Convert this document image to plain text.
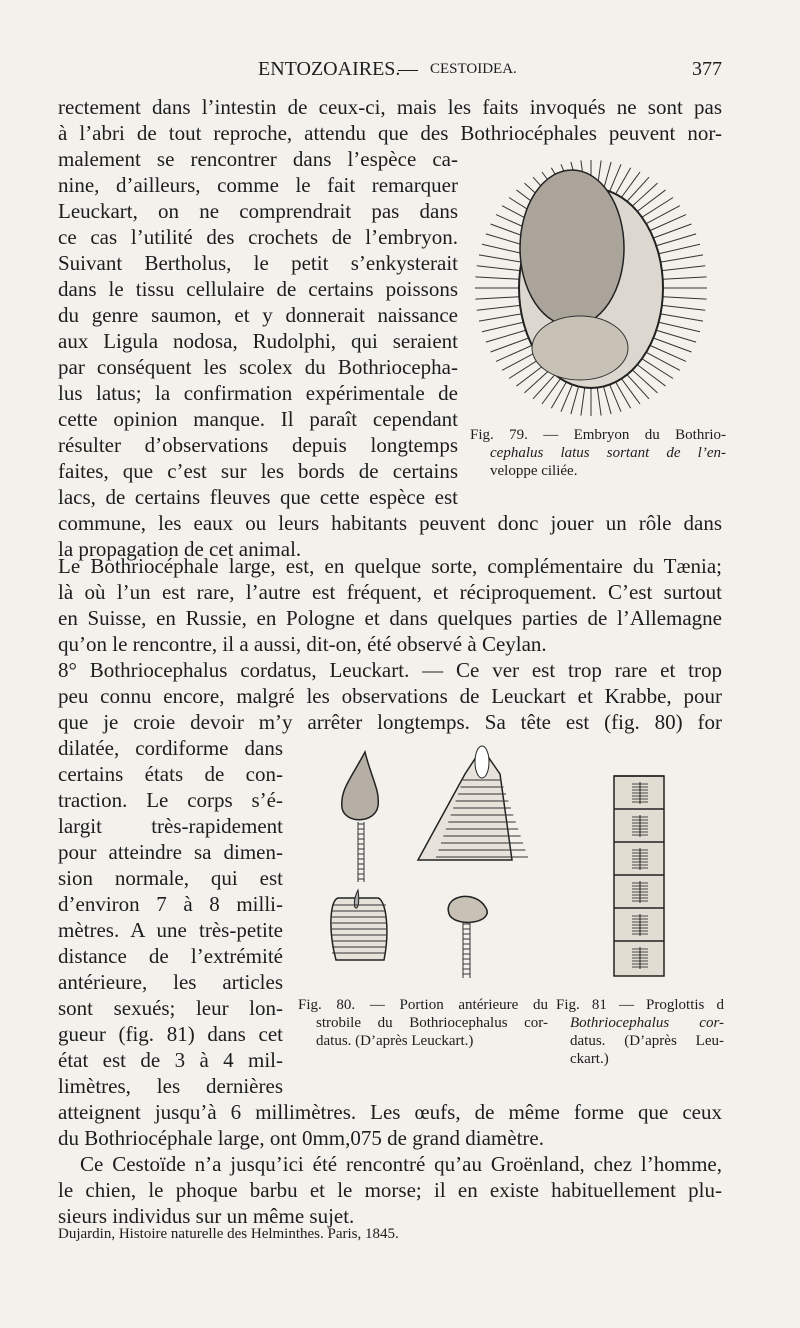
ENTOZOAIRES.
— CESTOIDEA.	377
rectement dans l’intestin de ceux-ci, mais les faits invoqués ne sont pas
à l’abri de tout reproche, attendu que des Bothriocéphales peuvent nor-
malement se rencontrer dans l’espèce ca-
nine, d’ailleurs, comme le fait remarquer
Leuckart, on ne comprendrait pas dans
ce cas l’utilité des crochets de l’embryon.
Suivant Bertholus, le petit s’enkysterait
dans le tissu cellulaire de certains poissons
du genre saumon, et y donnerait naissance
aux Ligula nodosa, Rudolphi, qui seraient
par conséquent les scolex du Bothriocepha-
lus latus; la confirmation expérimentale de
cette opinion manque. Il paraît cependant
résulter d’observations depuis longtemps
faites, que c’est sur les bords de certains
lacs, de certains fleuves que cette espèce est
commune, les eaux ou leurs habitants peuvent donc jouer un rôle dans
la propagation de cet animal.
Fig. 79. — Embryon du Bothrio-
cephalus latus sortant de l’en-
veloppe ciliée.
Le Bothriocéphale large, est, en quelque sorte, complémentaire du Tænia;
là où l’un est rare, l’autre est fréquent, et réciproquement. C’est surtout
en Suisse, en Russie, en Pologne et dans quelques parties de l’Allemagne
qu’on le rencontre, il a aussi, dit-on, été observé à Ceylan.
8° Bothriocephalus cordatus, Leuckart. — Ce ver est trop rare et trop
peu connu encore, malgré les observations de Leuckart et Krabbe, pour
que je croie devoir m’y arrêter longtemps. Sa tête est (fig. 80) for
dilatée, cordiforme dans
certains états de con-
traction. Le corps s’é-
largit très-rapidement
pour atteindre sa dimen-
sion normale, qui est
d’environ 7 à 8 milli-
mètres. A une très-petite
distance de l’extrémité
antérieure, les articles
sont sexués; leur lon-
gueur (fig. 81) dans cet
état est de 3 à 4 mil-
limètres, les dernières
atteignent jusqu’à 6 millimètres. Les œufs, de même forme que ceux
du Bothriocéphale large, ont 0mm,075 de grand diamètre.
Fig. 80. — Portion antérieure du
strobile du Bothriocephalus cor-
datus. (D’après Leuckart.)
Fig. 81 — Proglottis d
Bothriocephalus cor-
datus. (D’après Leu-
ckart.)
Ce Cestoïde n’a jusqu’ici été rencontré qu’au Groënland, chez l’homme,
le chien, le phoque barbu et le morse; il en existe habituellement plu-
sieurs individus sur un même sujet.
Dujardin, Histoire naturelle des Helminthes. Paris, 1845.
